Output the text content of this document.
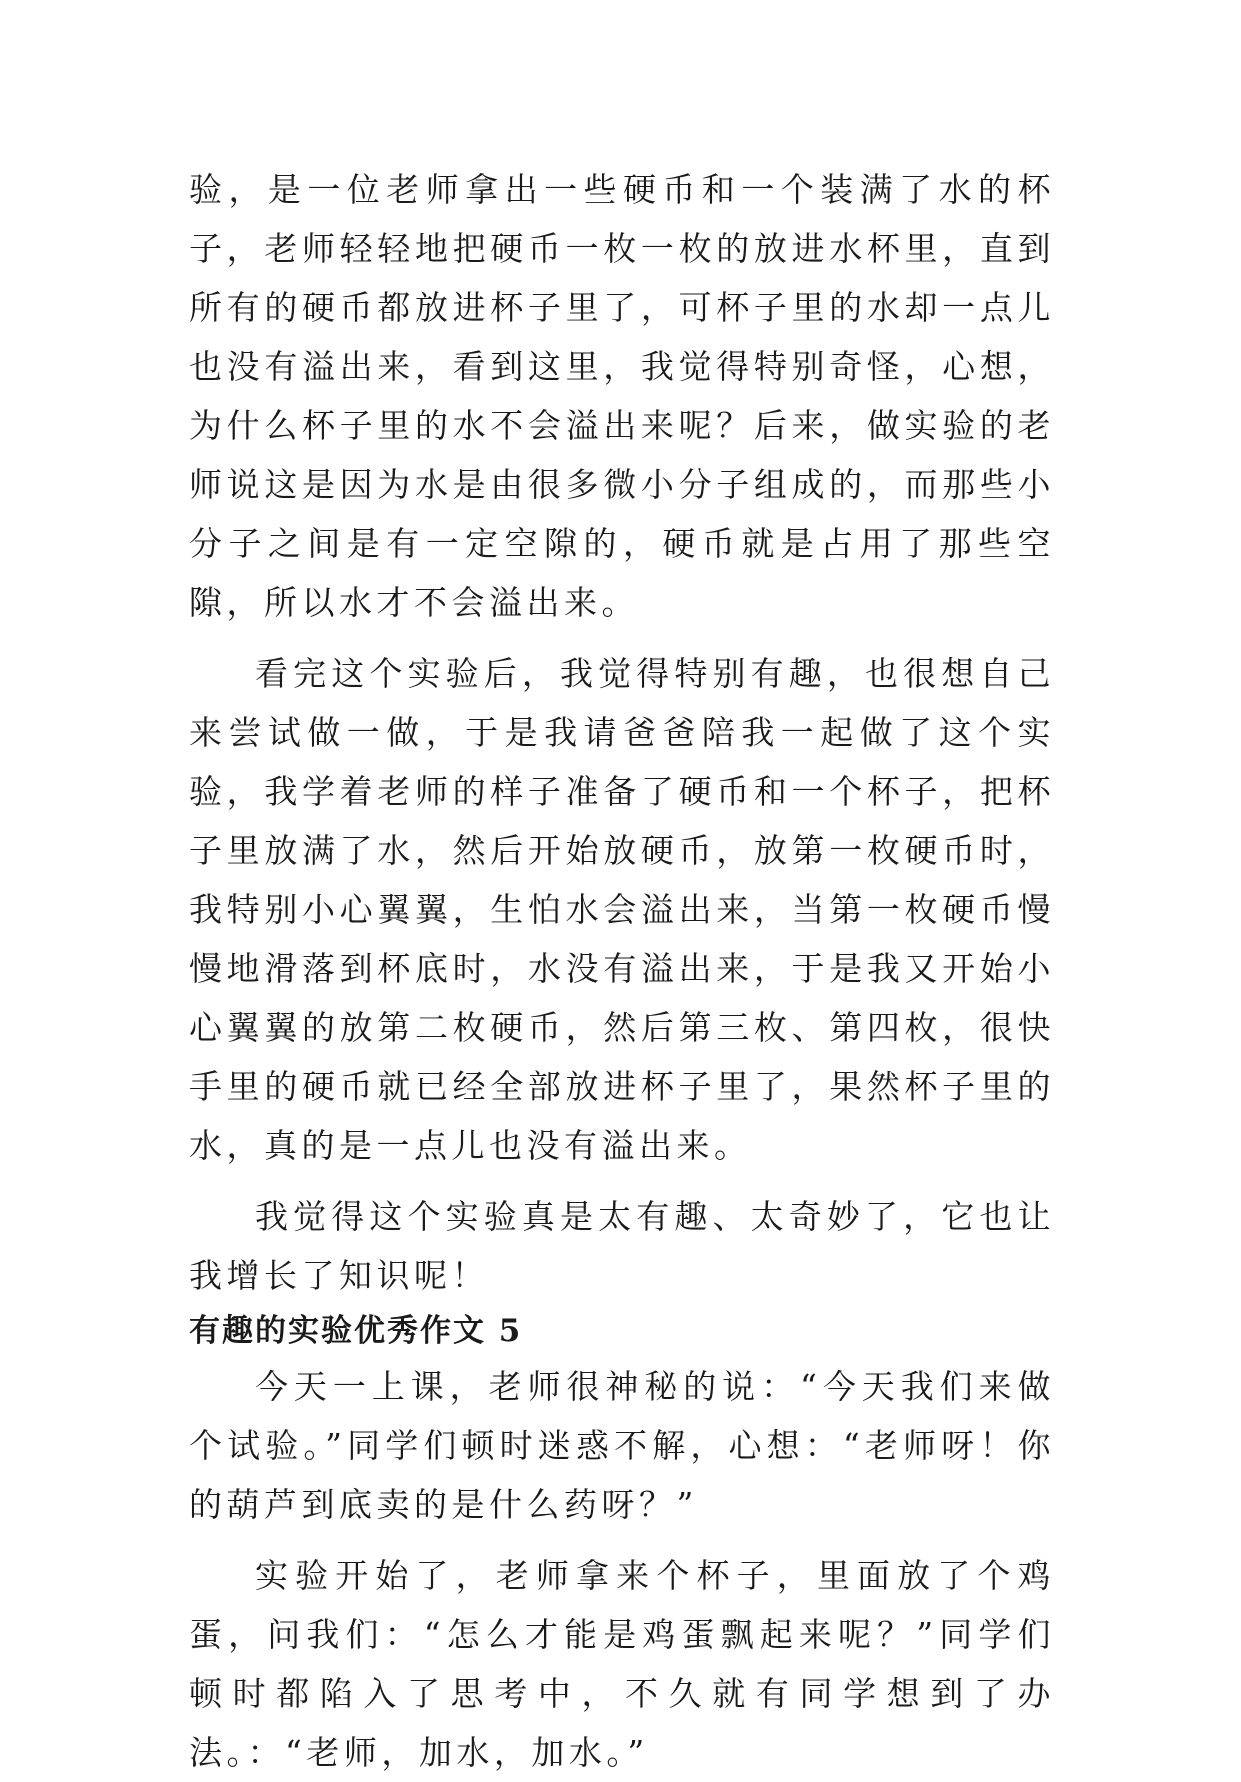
验，是一位老师拿出一些硬币和一个装满了水的杯子，老师轻轻地把硬币一枚一枚的放进水杯里，直到所有的硬币都放进杯子里了，可杯子里的水却一点儿也没有溢出来，看到这里，我觉得特别奇怪，心想，为什么杯子里的水不会溢出来呢？后来，做实验的老师说这是因为水是由很多微小分子组成的，而那些小分子之间是有一定空隙的，硬币就是占用了那些空隙，所以水才不会溢出来。

看完这个实验后，我觉得特别有趣，也很想自己来尝试做一做，于是我请爸爸陪我一起做了这个实验，我学着老师的样子准备了硬币和一个杯子，把杯子里放满了水，然后开始放硬币，放第一枚硬币时，我特别小心翼翼，生怕水会溢出来，当第一枚硬币慢慢地滑落到杯底时，水没有溢出来，于是我又开始小心翼翼的放第二枚硬币，然后第三枚、第四枚，很快手里的硬币就已经全部放进杯子里了，果然杯子里的水，真的是一点儿也没有溢出来。

我觉得这个实验真是太有趣、太奇妙了，它也让我增长了知识呢！

有趣的实验优秀作文 5

今天一上课，老师很神秘的说：“今天我们来做个试验。”同学们顿时迷惑不解，心想：“老师呀！你的葫芦到底卖的是什么药呀？”

实验开始了，老师拿来个杯子，里面放了个鸡蛋，问我们：“怎么才能是鸡蛋飘起来呢？”同学们顿时都陷入了思考中，不久就有同学想到了办法。：“老师，加水，加水。”
